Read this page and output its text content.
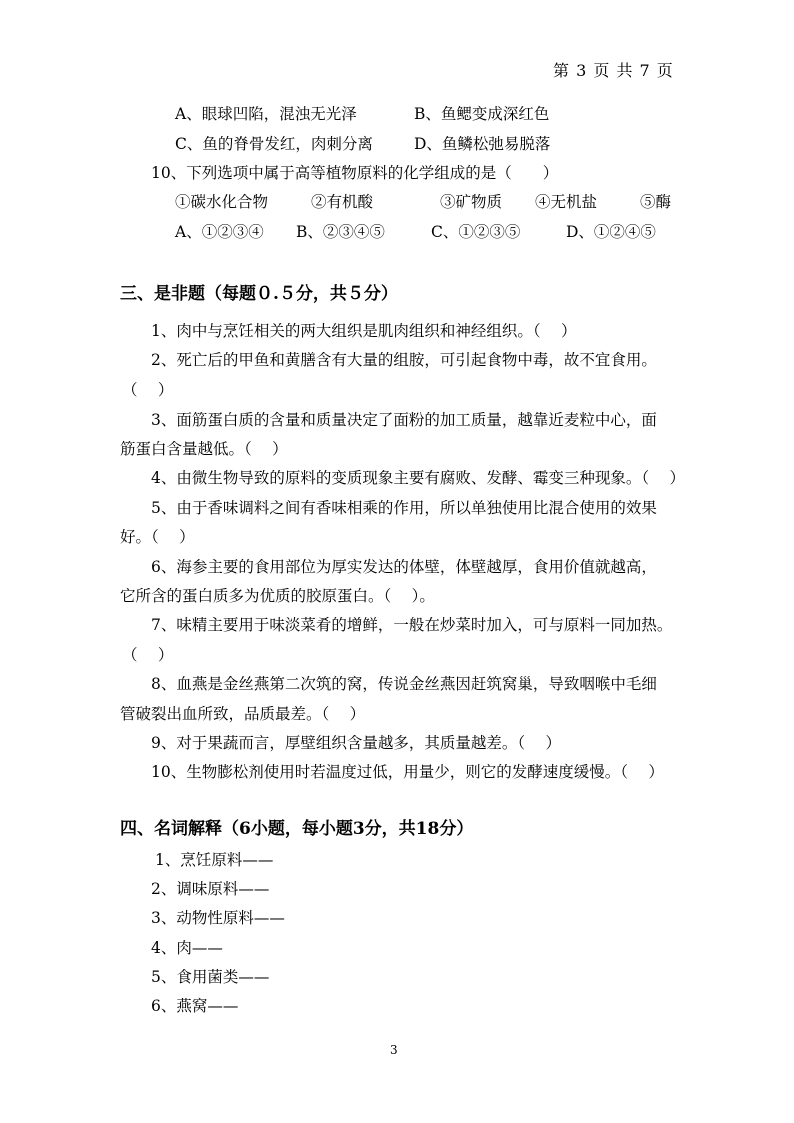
第 3 页 共 7 页
A、眼球凹陷，混浊无光泽	B、鱼鳃变成深红色
C、鱼的脊骨发红，肉刺分离	D、鱼鳞松弛易脱落
10、下列选项中属于高等植物原料的化学组成的是（　　）
①碳水化合物	②有机酸	③矿物质 ④无机盐	⑤酶
A、①②③④ B、②③④⑤	C、①②③⑤	D、①②④⑤
三、是非题（每题０.５分，共５分）
1、肉中与烹饪相关的两大组织是肌肉组织和神经组织。（　 ）
2、死亡后的甲鱼和黄膳含有大量的组胺，可引起食物中毒，故不宜食用。
（　 ）
3、面筋蛋白质的含量和质量决定了面粉的加工质量，越靠近麦粒中心，面
筋蛋白含量越低。（　 ）
4、由微生物导致的原料的变质现象主要有腐败、发酵、霉变三种现象。（　 ）
5、由于香味调料之间有香味相乘的作用，所以单独使用比混合使用的效果
好。（　 ）
6、海参主要的食用部位为厚实发达的体壁，体壁越厚，食用价值就越高，
它所含的蛋白质多为优质的胶原蛋白。（　 ）。
7、味精主要用于味淡菜肴的增鲜，一般在炒菜时加入，可与原料一同加热。
（　 ）
8、血燕是金丝燕第二次筑的窝，传说金丝燕因赶筑窝巢，导致咽喉中毛细
管破裂出血所致，品质最差。（　 ）
9、对于果蔬而言，厚壁组织含量越多，其质量越差。（　 ）
10、生物膨松剂使用时若温度过低，用量少，则它的发酵速度缓慢。（　 ）
四、名词解释（6小题，每小题3分，共18分）
1、烹饪原料——
2、调味原料——
3、动物性原料——
4、肉——
5、食用菌类——
6、燕窝——
3
